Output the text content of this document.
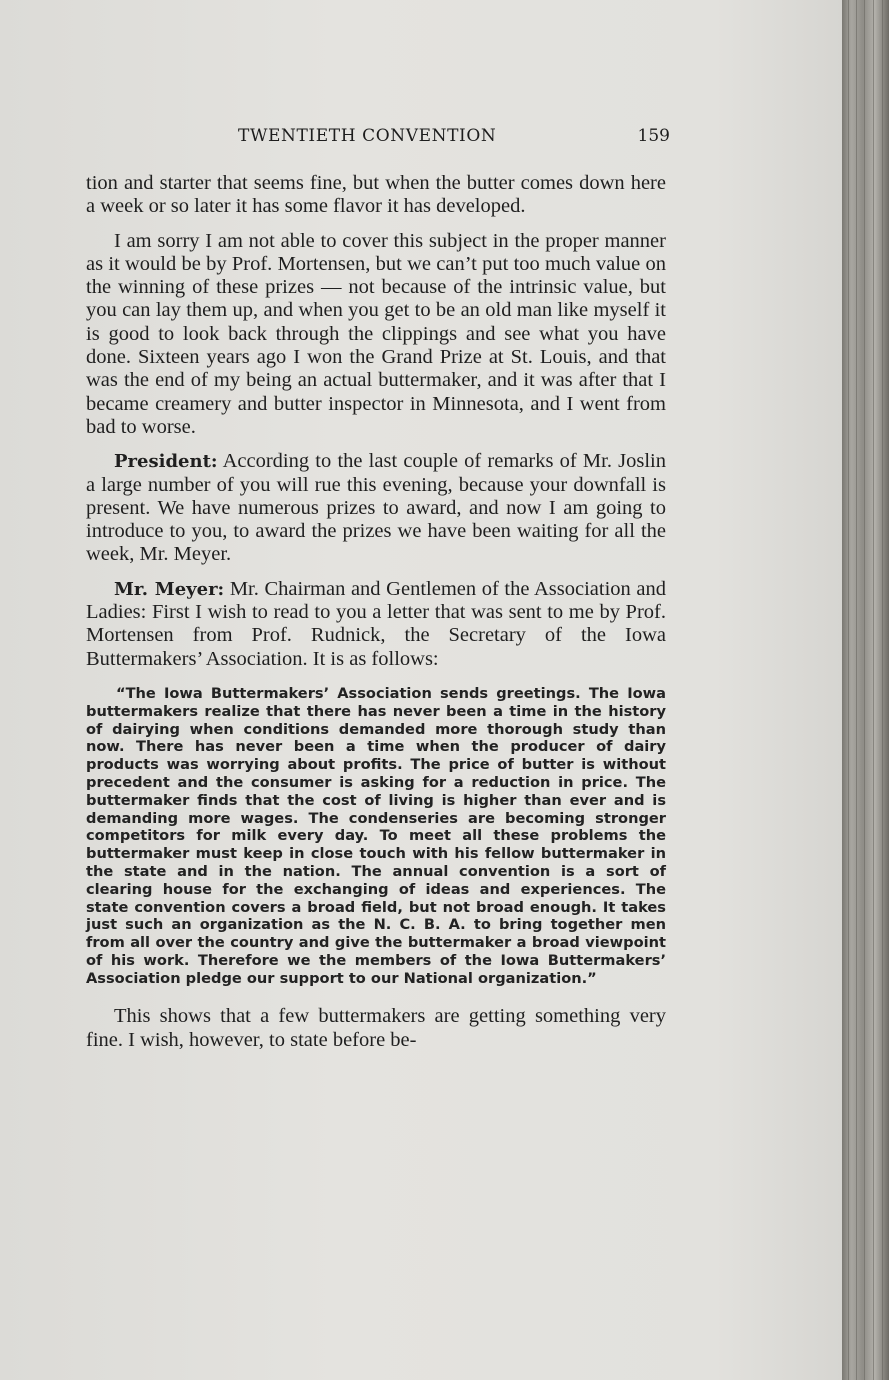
TWENTIETH CONVENTION	159

tion and starter that seems fine, but when the butter comes down here a week or so later it has some flavor it has developed.

I am sorry I am not able to cover this subject in the proper manner as it would be by Prof. Mortensen, but we can’t put too much value on the winning of these prizes — not because of the intrinsic value, but you can lay them up, and when you get to be an old man like myself it is good to look back through the clippings and see what you have done. Sixteen years ago I won the Grand Prize at St. Louis, and that was the end of my being an actual buttermaker, and it was after that I became creamery and butter inspector in Minnesota, and I went from bad to worse.

President: According to the last couple of remarks of Mr. Joslin a large number of you will rue this evening, because your downfall is present. We have numerous prizes to award, and now I am going to introduce to you, to award the prizes we have been waiting for all the week, Mr. Meyer.

Mr. Meyer: Mr. Chairman and Gentlemen of the Association and Ladies: First I wish to read to you a letter that was sent to me by Prof. Mortensen from Prof. Rudnick, the Secretary of the Iowa Buttermakers’ Association. It is as follows:

“The Iowa Buttermakers’ Association sends greetings. The Iowa buttermakers realize that there has never been a time in the history of dairying when conditions demanded more thorough study than now. There has never been a time when the producer of dairy products was worrying about profits. The price of butter is without precedent and the consumer is asking for a reduction in price. The buttermaker finds that the cost of living is higher than ever and is demanding more wages. The condenseries are becoming stronger competitors for milk every day. To meet all these problems the buttermaker must keep in close touch with his fellow buttermaker in the state and in the nation. The annual convention is a sort of clearing house for the exchanging of ideas and experiences. The state convention covers a broad field, but not broad enough. It takes just such an organization as the N. C. B. A. to bring together men from all over the country and give the buttermaker a broad viewpoint of his work. Therefore we the members of the Iowa Buttermakers’ Association pledge our support to our National organization.”

This shows that a few buttermakers are getting something very fine. I wish, however, to state before be-
